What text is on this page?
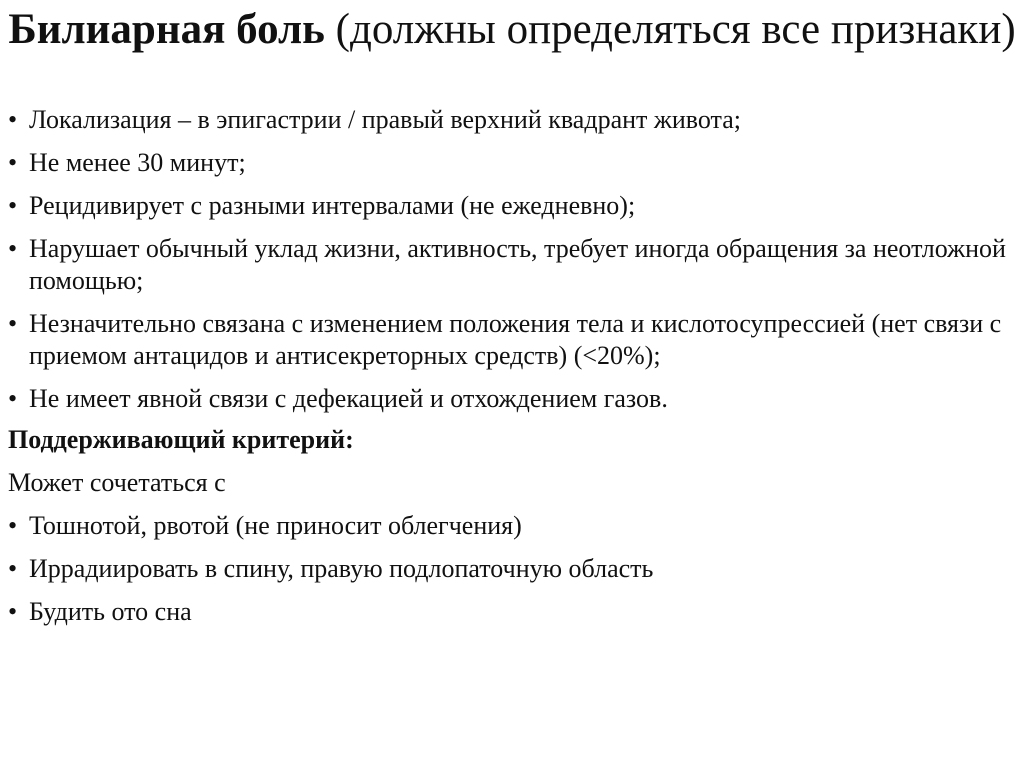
Билиарная боль (должны определяться все признаки)
• Локализация – в эпигастрии / правый верхний квадрант живота;
• Не менее 30 минут;
• Рецидивирует с разными интервалами (не ежедневно);
• Нарушает обычный уклад жизни, активность, требует иногда обращения за неотложной помощью;
• Незначительно связана с изменением положения тела и кислотосупрессией (нет связи с приемом антацидов и антисекреторных средств) (<20%);
• Не имеет явной связи с дефекацией и отхождением газов.

Поддерживающий критерий:

Может сочетаться с

• Тошнотой, рвотой (не приносит облегчения)
• Иррадиировать в спину, правую подлопаточную область
• Будить ото сна
